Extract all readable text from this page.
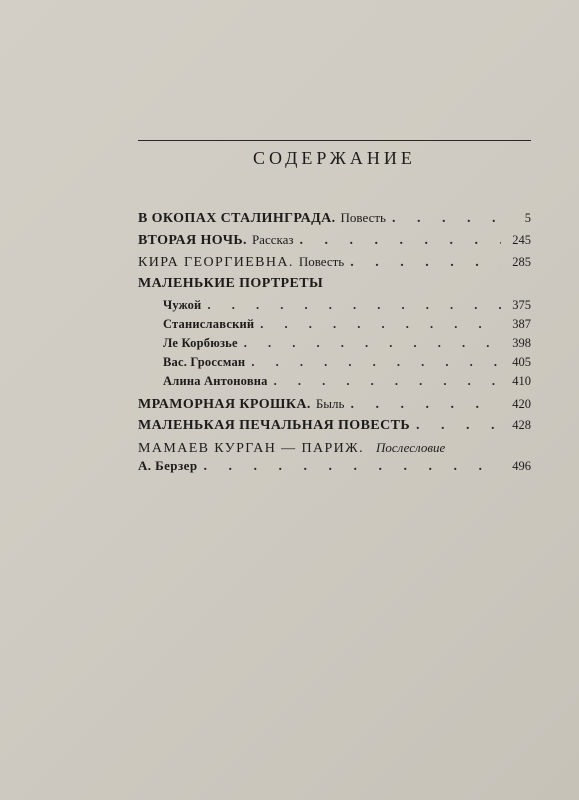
СОДЕРЖАНИЕ
В ОКОПАХ СТАЛИНГРАДА. Повесть . . .	5
ВТОРАЯ НОЧЬ. Рассказ . . .	245
КИРА ГЕОРГИЕВНА. Повесть . . .	285
МАЛЕНЬКИЕ ПОРТРЕТЫ
Чужой . . .	375
Станиславский . . .	387
Ле Корбюзье . . .	398
Вас. Гроссман . . .	405
Алина Антоновна . . .	410
МРАМОРНАЯ КРОШКА. Быль . . .	420
МАЛЕНЬКАЯ ПЕЧАЛЬНАЯ ПОВЕСТЬ . . .	428
МАМАЕВ КУРГАН — ПАРИЖ. Послесловие
А. Берзер . . .	496
